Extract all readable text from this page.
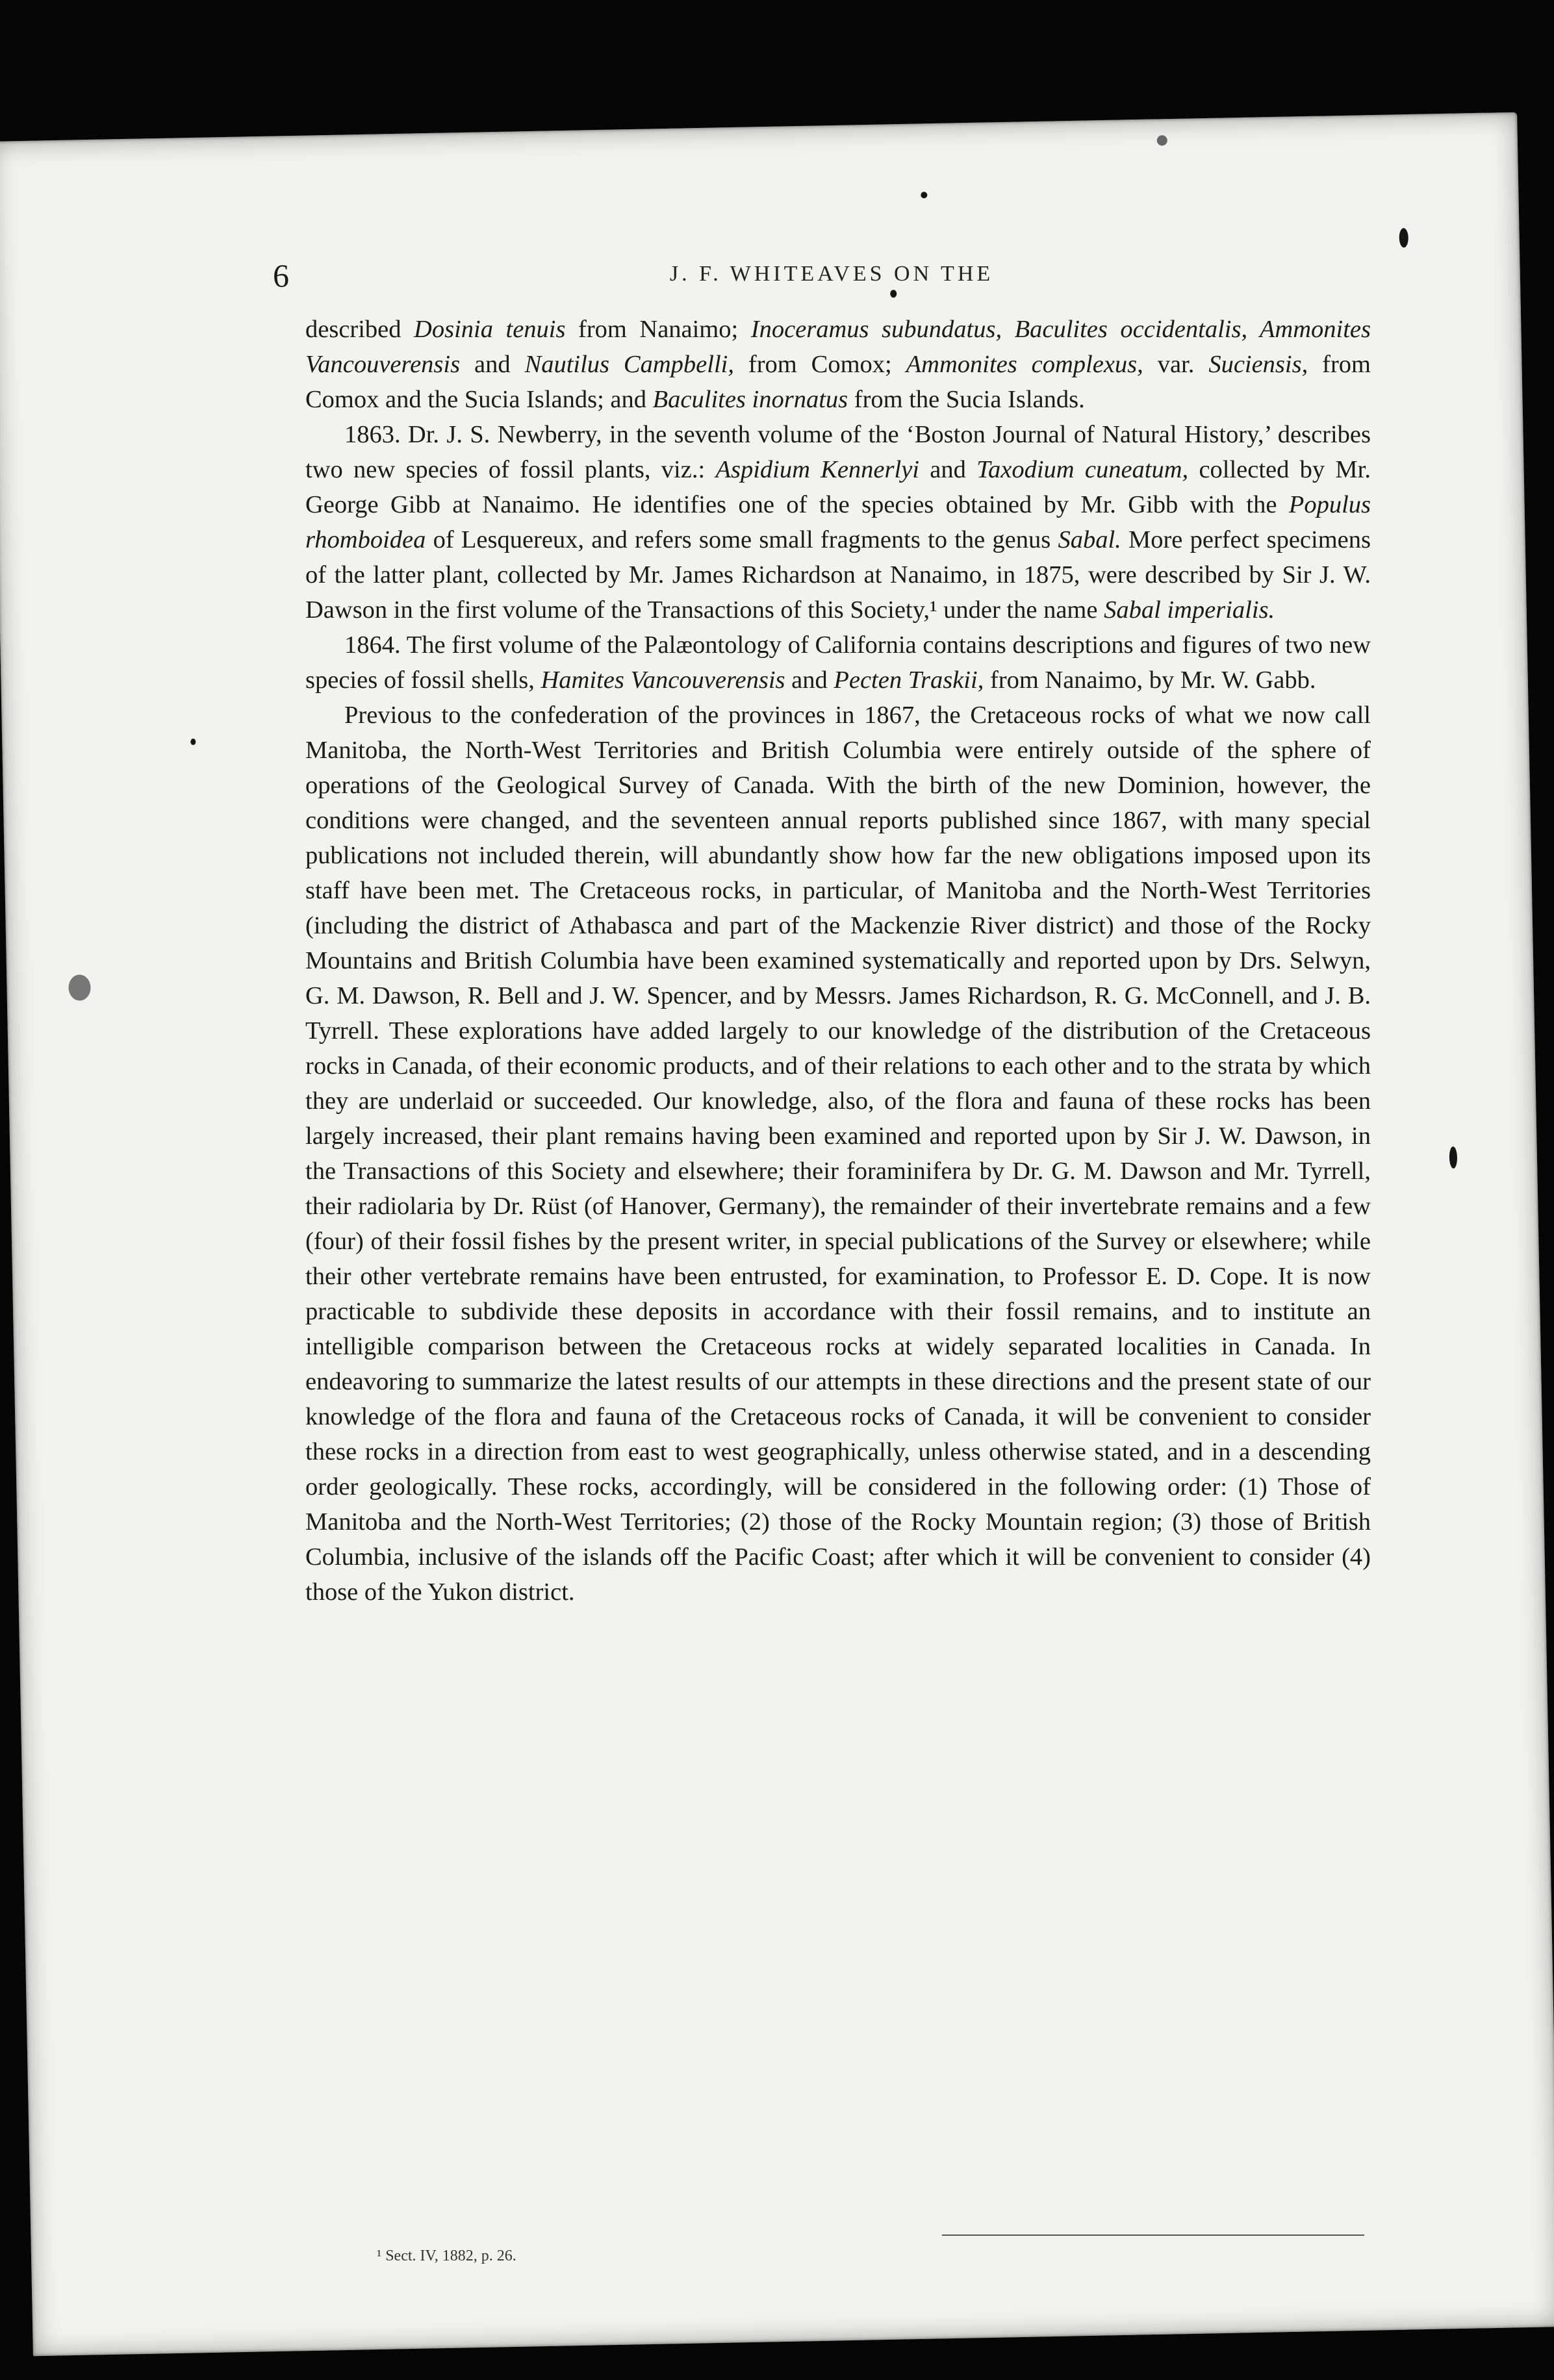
6	J. F. WHITEAVES ON THE

described Dosinia tenuis from Nanaimo; Inoceramus subundatus, Baculites occidentalis, Ammonites Vancouverensis and Nautilus Campbelli, from Comox; Ammonites complexus, var. Suciensis, from Comox and the Sucia Islands; and Baculites inornatus from the Sucia Islands.

1863. Dr. J. S. Newberry, in the seventh volume of the ‘Boston Journal of Natural History,’ describes two new species of fossil plants, viz.: Aspidium Kennerlyi and Taxodium cuneatum, collected by Mr. George Gibb at Nanaimo. He identifies one of the species obtained by Mr. Gibb with the Populus rhomboidea of Lesquereux, and refers some small fragments to the genus Sabal. More perfect specimens of the latter plant, collected by Mr. James Richardson at Nanaimo, in 1875, were described by Sir J. W. Dawson in the first volume of the Transactions of this Society,¹ under the name Sabal imperialis.

1864. The first volume of the Palæontology of California contains descriptions and figures of two new species of fossil shells, Hamites Vancouverensis and Pecten Traskii, from Nanaimo, by Mr. W. Gabb.

Previous to the confederation of the provinces in 1867, the Cretaceous rocks of what we now call Manitoba, the North-West Territories and British Columbia were entirely outside of the sphere of operations of the Geological Survey of Canada. With the birth of the new Dominion, however, the conditions were changed, and the seventeen annual reports published since 1867, with many special publications not included therein, will abundantly show how far the new obligations imposed upon its staff have been met. The Cretaceous rocks, in particular, of Manitoba and the North-West Territories (including the district of Athabasca and part of the Mackenzie River district) and those of the Rocky Mountains and British Columbia have been examined systematically and reported upon by Drs. Selwyn, G. M. Dawson, R. Bell and J. W. Spencer, and by Messrs. James Richardson, R. G. McConnell, and J. B. Tyrrell. These explorations have added largely to our knowledge of the distribution of the Cretaceous rocks in Canada, of their economic products, and of their relations to each other and to the strata by which they are underlaid or succeeded. Our knowledge, also, of the flora and fauna of these rocks has been largely increased, their plant remains having been examined and reported upon by Sir J. W. Dawson, in the Transactions of this Society and elsewhere; their foraminifera by Dr. G. M. Dawson and Mr. Tyrrell, their radiolaria by Dr. Rüst (of Hanover, Germany), the remainder of their invertebrate remains and a few (four) of their fossil fishes by the present writer, in special publications of the Survey or elsewhere; while their other vertebrate remains have been entrusted, for examination, to Professor E. D. Cope. It is now practicable to subdivide these deposits in accordance with their fossil remains, and to institute an intelligible comparison between the Cretaceous rocks at widely separated localities in Canada. In endeavoring to summarize the latest results of our attempts in these directions and the present state of our knowledge of the flora and fauna of the Cretaceous rocks of Canada, it will be convenient to consider these rocks in a direction from east to west geographically, unless otherwise stated, and in a descending order geologically. These rocks, accordingly, will be considered in the following order: (1) Those of Manitoba and the North-West Territories; (2) those of the Rocky Mountain region; (3) those of British Columbia, inclusive of the islands off the Pacific Coast; after which it will be convenient to consider (4) those of the Yukon district.

¹ Sect. IV, 1882, p. 26.
